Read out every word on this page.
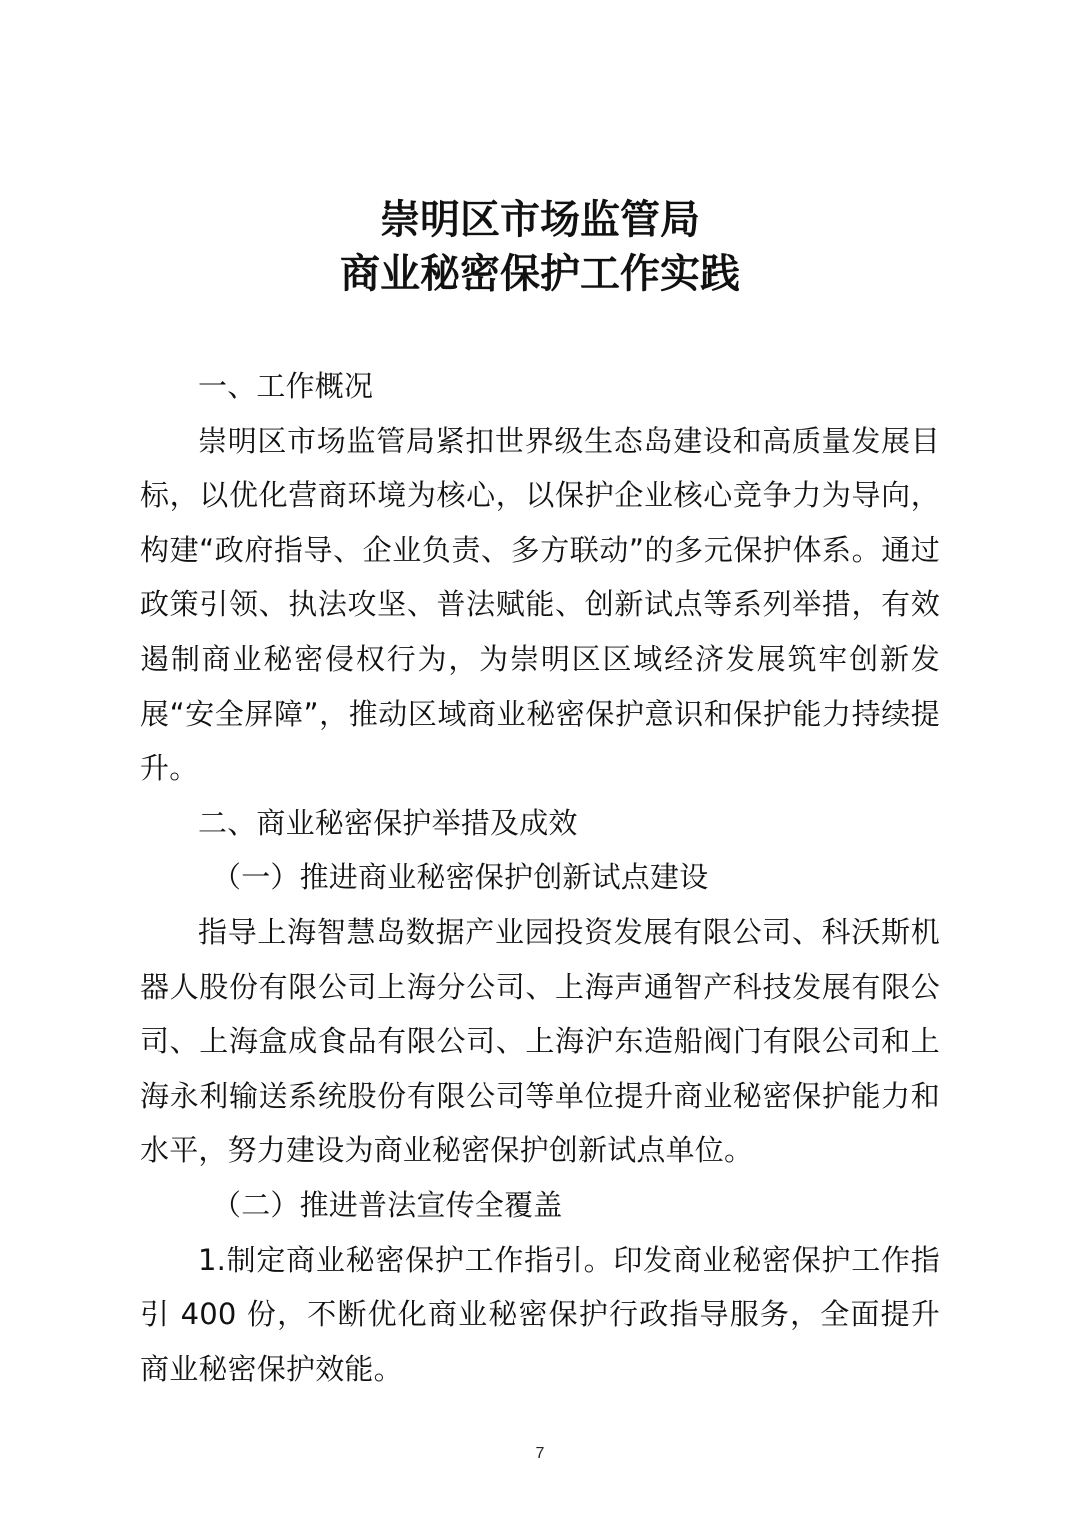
崇明区市场监管局
商业秘密保护工作实践

一、工作概况

崇明区市场监管局紧扣世界级生态岛建设和高质量发展目标，以优化营商环境为核心，以保护企业核心竞争力为导向，构建“政府指导、企业负责、多方联动”的多元保护体系。通过政策引领、执法攻坚、普法赋能、创新试点等系列举措，有效遏制商业秘密侵权行为，为崇明区区域经济发展筑牢创新发展“安全屏障”，推动区域商业秘密保护意识和保护能力持续提升。

二、商业秘密保护举措及成效

（一）推进商业秘密保护创新试点建设

指导上海智慧岛数据产业园投资发展有限公司、科沃斯机器人股份有限公司上海分公司、上海声通智产科技发展有限公司、上海盒成食品有限公司、上海沪东造船阀门有限公司和上海永利输送系统股份有限公司等单位提升商业秘密保护能力和水平，努力建设为商业秘密保护创新试点单位。

（二）推进普法宣传全覆盖

1.制定商业秘密保护工作指引。印发商业秘密保护工作指引 400 份，不断优化商业秘密保护行政指导服务，全面提升商业秘密保护效能。

7
